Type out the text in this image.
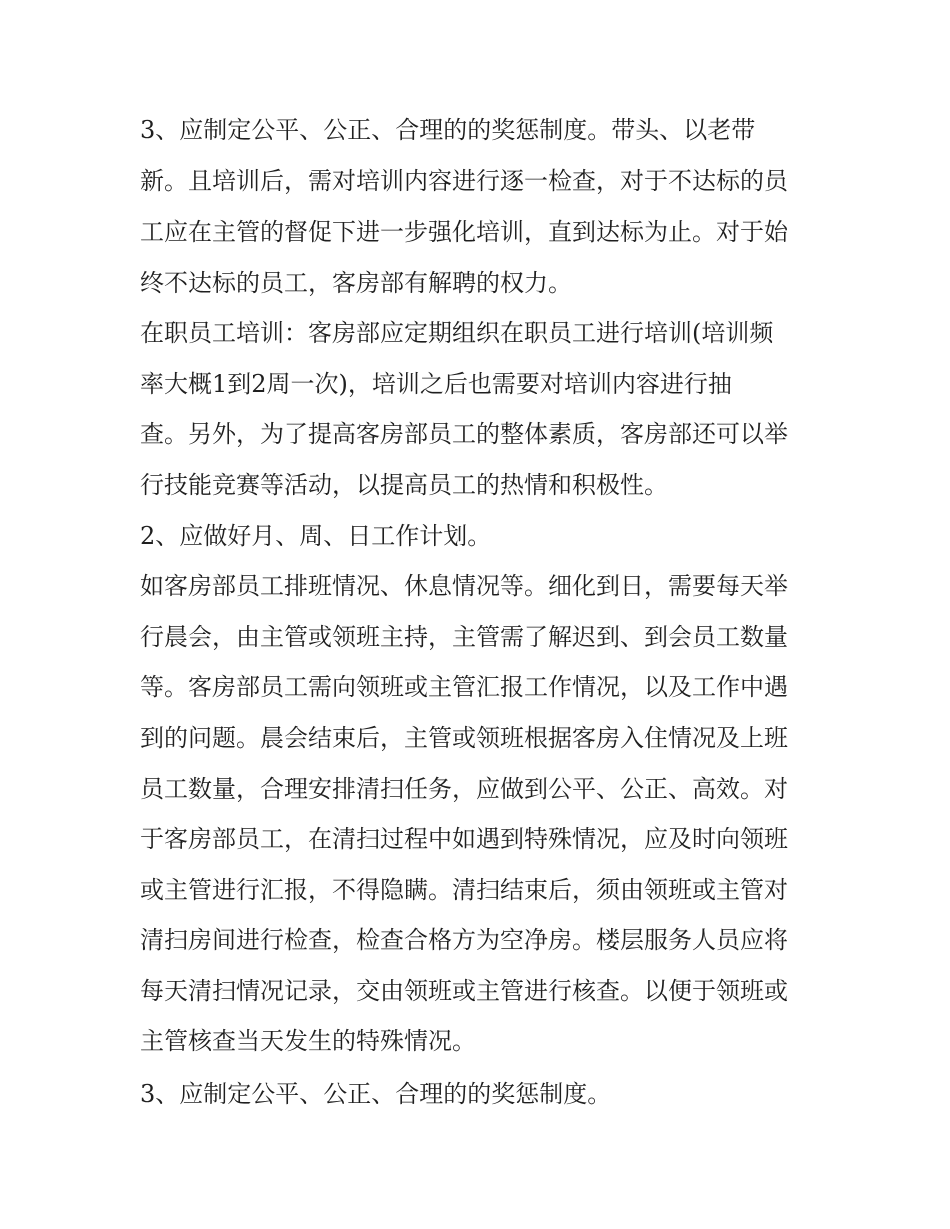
3、应制定公平、公正、合理的的奖惩制度。带头、以老带
新。且培训后，需对培训内容进行逐一检查，对于不达标的员
工应在主管的督促下进一步强化培训，直到达标为止。对于始
终不达标的员工，客房部有解聘的权力。
在职员工培训：客房部应定期组织在职员工进行培训(培训频
率大概1到2周一次)，培训之后也需要对培训内容进行抽
查。另外，为了提高客房部员工的整体素质，客房部还可以举
行技能竞赛等活动，以提高员工的热情和积极性。
2、应做好月、周、日工作计划。
如客房部员工排班情况、休息情况等。细化到日，需要每天举
行晨会，由主管或领班主持，主管需了解迟到、到会员工数量
等。客房部员工需向领班或主管汇报工作情况，以及工作中遇
到的问题。晨会结束后，主管或领班根据客房入住情况及上班
员工数量，合理安排清扫任务，应做到公平、公正、高效。对
于客房部员工，在清扫过程中如遇到特殊情况，应及时向领班
或主管进行汇报，不得隐瞒。清扫结束后，须由领班或主管对
清扫房间进行检查，检查合格方为空净房。楼层服务人员应将
每天清扫情况记录，交由领班或主管进行核查。以便于领班或
主管核查当天发生的特殊情况。
3、应制定公平、公正、合理的的奖惩制度。
